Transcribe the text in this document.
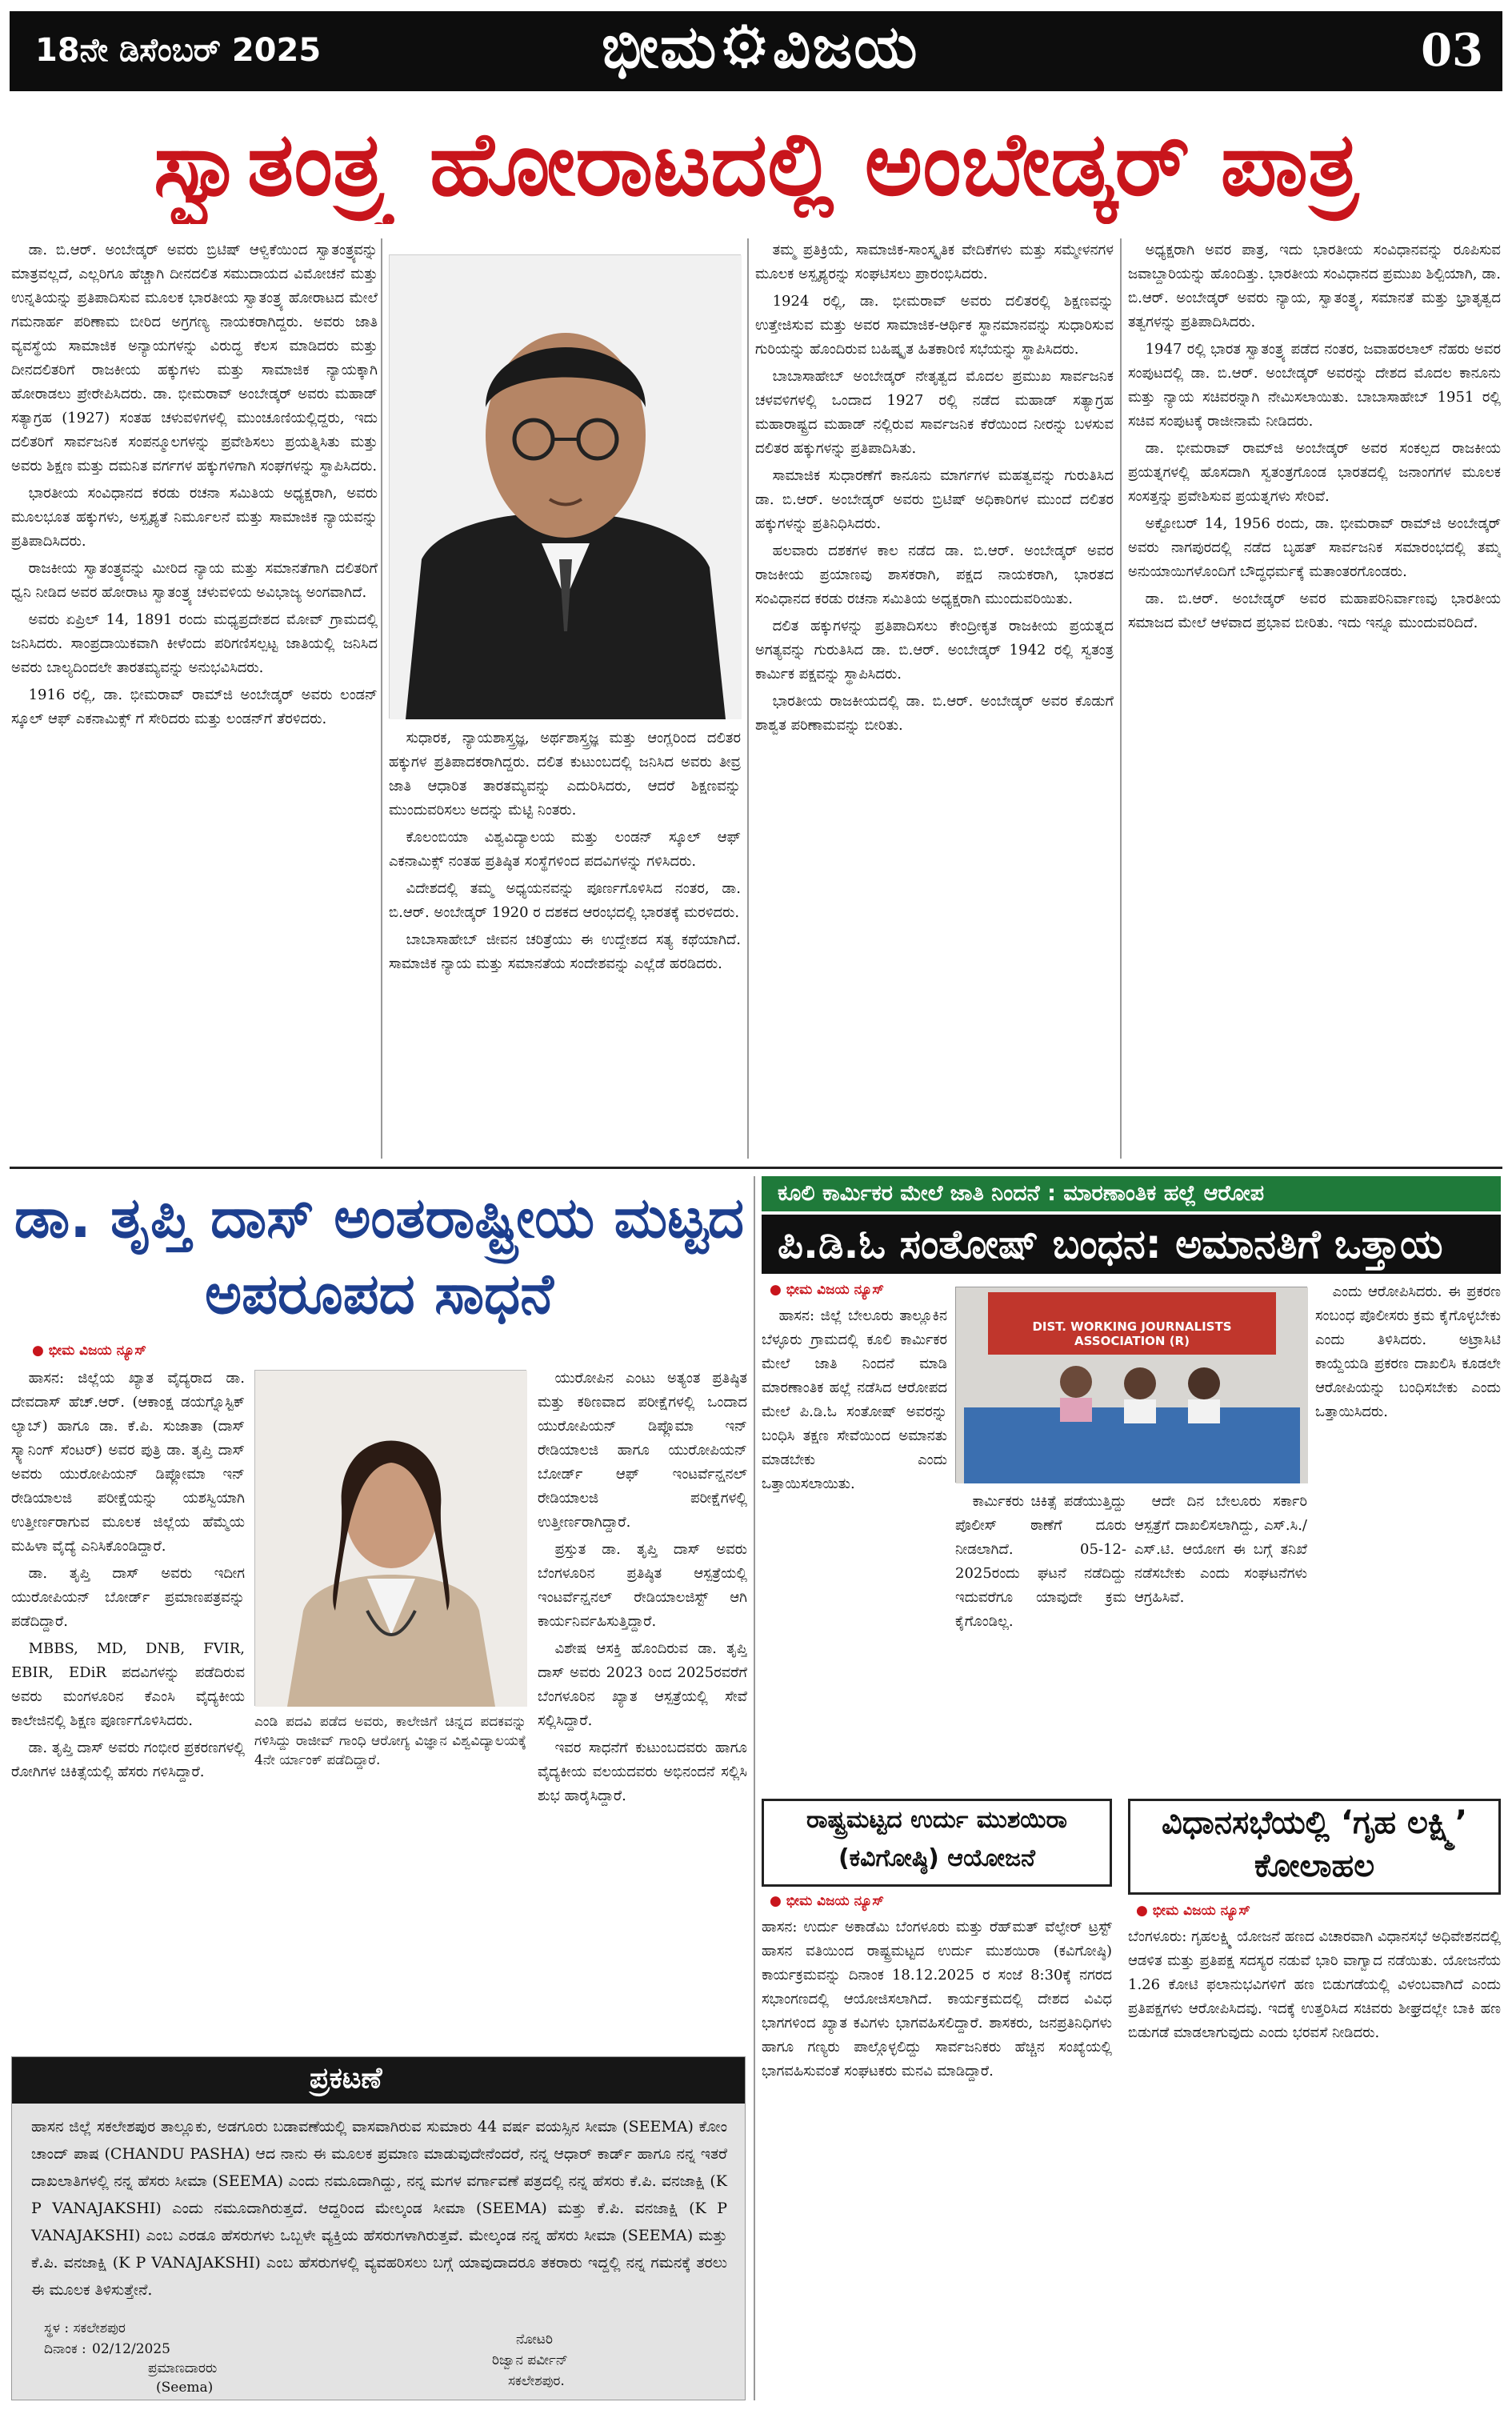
18ನೇ ಡಿಸೆಂಬರ್ 2025	ಭೀಮ⚙ವಿಜಯ	03
ಸ್ವಾತಂತ್ರ್ಯ ಹೋರಾಟದಲ್ಲಿ ಅಂಬೇಡ್ಕರ್ ಪಾತ್ರ

ಡಾ. ಬಿ.ಆರ್. ಅಂಬೇಡ್ಕರ್ ಅವರು ಬ್ರಿಟಿಷ್ ಆಳ್ವಿಕೆಯಿಂದ ಸ್ವಾತಂತ್ರ್ಯವನ್ನು ಮಾತ್ರವಲ್ಲದೆ, ಎಲ್ಲರಿಗೂ ಹೆಚ್ಚಾಗಿ ದೀನದಲಿತ ಸಮುದಾಯದ ವಿಮೋಚನೆ ಮತ್ತು ಉನ್ನತಿಯನ್ನು ಪ್ರತಿಪಾದಿಸುವ ಮೂಲಕ ಭಾರತೀಯ ಸ್ವಾತಂತ್ರ್ಯ ಹೋರಾಟದ ಮೇಲೆ ಗಮನಾರ್ಹ ಪರಿಣಾಮ ಬೀರಿದ ಅಗ್ರಗಣ್ಯ ನಾಯಕರಾಗಿದ್ದರು. ಅವರು ಜಾತಿ ವ್ಯವಸ್ಥೆಯ ಸಾಮಾಜಿಕ ಅನ್ಯಾಯಗಳನ್ನು ವಿರುದ್ಧ ಕೆಲಸ ಮಾಡಿದರು ಮತ್ತು ದೀನದಲಿತರಿಗೆ ರಾಜಕೀಯ ಹಕ್ಕುಗಳು ಮತ್ತು ಸಾಮಾಜಿಕ ನ್ಯಾಯಕ್ಕಾಗಿ ಹೋರಾಡಲು ಪ್ರೇರೇಪಿಸಿದರು. ಡಾ. ಭೀಮರಾವ್ ಅಂಬೇಡ್ಕರ್ ಅವರು ಮಹಾಡ್ ಸತ್ಯಾಗ್ರಹ (1927) ಸಂತಹ ಚಳುವಳಿಗಳಲ್ಲಿ ಮುಂಚೂಣಿಯಲ್ಲಿದ್ದರು, ಇದು ದಲಿತರಿಗೆ ಸಾರ್ವಜನಿಕ ಸಂಪನ್ಮೂಲಗಳನ್ನು ಪ್ರವೇಶಿಸಲು ಪ್ರಯತ್ನಿಸಿತು ಮತ್ತು ಅವರು ಶಿಕ್ಷಣ ಮತ್ತು ದಮನಿತ ವರ್ಗಗಳ ಹಕ್ಕುಗಳಿಗಾಗಿ ಸಂಘಗಳನ್ನು ಸ್ಥಾಪಿಸಿದರು.

ಭಾರತೀಯ ಸಂವಿಧಾನದ ಕರಡು ರಚನಾ ಸಮಿತಿಯ ಅಧ್ಯಕ್ಷರಾಗಿ, ಅವರು ಮೂಲಭೂತ ಹಕ್ಕುಗಳು, ಅಸ್ಪೃಶ್ಯತೆ ನಿರ್ಮೂಲನೆ ಮತ್ತು ಸಾಮಾಜಿಕ ನ್ಯಾಯವನ್ನು ಪ್ರತಿಪಾದಿಸಿದರು.

ರಾಜಕೀಯ ಸ್ವಾತಂತ್ರ್ಯವನ್ನು ಮೀರಿದ ನ್ಯಾಯ ಮತ್ತು ಸಮಾನತೆಗಾಗಿ ದಲಿತರಿಗೆ ಧ್ವನಿ ನೀಡಿದ ಅವರ ಹೋರಾಟ ಸ್ವಾತಂತ್ರ್ಯ ಚಳುವಳಿಯ ಅವಿಭಾಜ್ಯ ಅಂಗವಾಗಿದೆ.

ಅವರು ಏಪ್ರಿಲ್ 14, 1891 ರಂದು ಮಧ್ಯಪ್ರದೇಶದ ಮೋವ್ ಗ್ರಾಮದಲ್ಲಿ ಜನಿಸಿದರು. ಸಾಂಪ್ರದಾಯಿಕವಾಗಿ ಕೀಳೆಂದು ಪರಿಗಣಿಸಲ್ಪಟ್ಟ ಜಾತಿಯಲ್ಲಿ ಜನಿಸಿದ ಅವರು ಬಾಲ್ಯದಿಂದಲೇ ತಾರತಮ್ಯವನ್ನು ಅನುಭವಿಸಿದರು.

1916 ರಲ್ಲಿ, ಡಾ. ಭೀಮರಾವ್ ರಾಮ್‌ಜಿ ಅಂಬೇಡ್ಕರ್ ಅವರು ಲಂಡನ್ ಸ್ಕೂಲ್ ಆಫ್ ಎಕನಾಮಿಕ್ಸ್ ಗೆ ಸೇರಿದರು ಮತ್ತು ಲಂಡನ್‌ಗೆ ತೆರಳಿದರು.

ಸುಧಾರಕ, ನ್ಯಾಯಶಾಸ್ತ್ರಜ್ಞ, ಅರ್ಥಶಾಸ್ತ್ರಜ್ಞ ಮತ್ತು ಆಂಗ್ಲರಿಂದ ದಲಿತರ ಹಕ್ಕುಗಳ ಪ್ರತಿಪಾದಕರಾಗಿದ್ದರು. ದಲಿತ ಕುಟುಂಬದಲ್ಲಿ ಜನಿಸಿದ ಅವರು ತೀವ್ರ ಜಾತಿ ಆಧಾರಿತ ತಾರತಮ್ಯವನ್ನು ಎದುರಿಸಿದರು, ಆದರೆ ಶಿಕ್ಷಣವನ್ನು ಮುಂದುವರಿಸಲು ಅದನ್ನು ಮೆಟ್ಟಿ ನಿಂತರು.

ಕೊಲಂಬಿಯಾ ವಿಶ್ವವಿದ್ಯಾಲಯ ಮತ್ತು ಲಂಡನ್ ಸ್ಕೂಲ್ ಆಫ್ ಎಕನಾಮಿಕ್ಸ್ ನಂತಹ ಪ್ರತಿಷ್ಠಿತ ಸಂಸ್ಥೆಗಳಿಂದ ಪದವಿಗಳನ್ನು ಗಳಿಸಿದರು.

ವಿದೇಶದಲ್ಲಿ ತಮ್ಮ ಅಧ್ಯಯನವನ್ನು ಪೂರ್ಣಗೊಳಿಸಿದ ನಂತರ, ಡಾ. ಬಿ.ಆರ್. ಅಂಬೇಡ್ಕರ್ 1920 ರ ದಶಕದ ಆರಂಭದಲ್ಲಿ ಭಾರತಕ್ಕೆ ಮರಳಿದರು.

ಬಾಬಾಸಾಹೇಬ್ ಜೀವನ ಚರಿತ್ರೆಯು ಈ ಉದ್ದೇಶದ ಸತ್ಯ ಕಥೆಯಾಗಿದೆ. ಸಾಮಾಜಿಕ ನ್ಯಾಯ ಮತ್ತು ಸಮಾನತೆಯ ಸಂದೇಶವನ್ನು ಎಲ್ಲೆಡೆ ಹರಡಿದರು.

ತಮ್ಮ ಪ್ರತಿಕ್ರಿಯೆ, ಸಾಮಾಜಿಕ-ಸಾಂಸ್ಕೃತಿಕ ವೇದಿಕೆಗಳು ಮತ್ತು ಸಮ್ಮೇಳನಗಳ ಮೂಲಕ ಅಸ್ಪೃಶ್ಯರನ್ನು ಸಂಘಟಿಸಲು ಪ್ರಾರಂಭಿಸಿದರು.

1924 ರಲ್ಲಿ, ಡಾ. ಭೀಮರಾವ್ ಅವರು ದಲಿತರಲ್ಲಿ ಶಿಕ್ಷಣವನ್ನು ಉತ್ತೇಜಿಸುವ ಮತ್ತು ಅವರ ಸಾಮಾಜಿಕ-ಆರ್ಥಿಕ ಸ್ಥಾನಮಾನವನ್ನು ಸುಧಾರಿಸುವ ಗುರಿಯನ್ನು ಹೊಂದಿರುವ ಬಹಿಷ್ಕೃತ ಹಿತಕಾರಿಣಿ ಸಭೆಯನ್ನು ಸ್ಥಾಪಿಸಿದರು.

ಬಾಬಾಸಾಹೇಬ್ ಅಂಬೇಡ್ಕರ್ ನೇತೃತ್ವದ ಮೊದಲ ಪ್ರಮುಖ ಸಾರ್ವಜನಿಕ ಚಳವಳಿಗಳಲ್ಲಿ ಒಂದಾದ 1927 ರಲ್ಲಿ ನಡೆದ ಮಹಾಡ್ ಸತ್ಯಾಗ್ರಹ ಮಹಾರಾಷ್ಟ್ರದ ಮಹಾಡ್ ನಲ್ಲಿರುವ ಸಾರ್ವಜನಿಕ ಕೆರೆಯಿಂದ ನೀರನ್ನು ಬಳಸುವ ದಲಿತರ ಹಕ್ಕುಗಳನ್ನು ಪ್ರತಿಪಾದಿಸಿತು.

ಸಾಮಾಜಿಕ ಸುಧಾರಣೆಗೆ ಕಾನೂನು ಮಾರ್ಗಗಳ ಮಹತ್ವವನ್ನು ಗುರುತಿಸಿದ ಡಾ. ಬಿ.ಆರ್. ಅಂಬೇಡ್ಕರ್ ಅವರು ಬ್ರಿಟಿಷ್ ಅಧಿಕಾರಿಗಳ ಮುಂದೆ ದಲಿತರ ಹಕ್ಕುಗಳನ್ನು ಪ್ರತಿನಿಧಿಸಿದರು.

ಹಲವಾರು ದಶಕಗಳ ಕಾಲ ನಡೆದ ಡಾ. ಬಿ.ಆರ್. ಅಂಬೇಡ್ಕರ್ ಅವರ ರಾಜಕೀಯ ಪ್ರಯಾಣವು ಶಾಸಕರಾಗಿ, ಪಕ್ಷದ ನಾಯಕರಾಗಿ, ಭಾರತದ ಸಂವಿಧಾನದ ಕರಡು ರಚನಾ ಸಮಿತಿಯ ಅಧ್ಯಕ್ಷರಾಗಿ ಮುಂದುವರಿಯಿತು.

ದಲಿತ ಹಕ್ಕುಗಳನ್ನು ಪ್ರತಿಪಾದಿಸಲು ಕೇಂದ್ರೀಕೃತ ರಾಜಕೀಯ ಪ್ರಯತ್ನದ ಅಗತ್ಯವನ್ನು ಗುರುತಿಸಿದ ಡಾ. ಬಿ.ಆರ್. ಅಂಬೇಡ್ಕರ್ 1942 ರಲ್ಲಿ ಸ್ವತಂತ್ರ ಕಾರ್ಮಿಕ ಪಕ್ಷವನ್ನು ಸ್ಥಾಪಿಸಿದರು.

ಭಾರತೀಯ ರಾಜಕೀಯದಲ್ಲಿ ಡಾ. ಬಿ.ಆರ್. ಅಂಬೇಡ್ಕರ್ ಅವರ ಕೊಡುಗೆ ಶಾಶ್ವತ ಪರಿಣಾಮವನ್ನು ಬೀರಿತು.

ಅಧ್ಯಕ್ಷರಾಗಿ ಅವರ ಪಾತ್ರ, ಇದು ಭಾರತೀಯ ಸಂವಿಧಾನವನ್ನು ರೂಪಿಸುವ ಜವಾಬ್ದಾರಿಯನ್ನು ಹೊಂದಿತ್ತು. ಭಾರತೀಯ ಸಂವಿಧಾನದ ಪ್ರಮುಖ ಶಿಲ್ಪಿಯಾಗಿ, ಡಾ. ಬಿ.ಆರ್. ಅಂಬೇಡ್ಕರ್ ಅವರು ನ್ಯಾಯ, ಸ್ವಾತಂತ್ರ್ಯ, ಸಮಾನತೆ ಮತ್ತು ಭ್ರಾತೃತ್ವದ ತತ್ವಗಳನ್ನು ಪ್ರತಿಪಾದಿಸಿದರು.

1947 ರಲ್ಲಿ ಭಾರತ ಸ್ವಾತಂತ್ರ್ಯ ಪಡೆದ ನಂತರ, ಜವಾಹರಲಾಲ್ ನೆಹರು ಅವರ ಸಂಪುಟದಲ್ಲಿ ಡಾ. ಬಿ.ಆರ್. ಅಂಬೇಡ್ಕರ್ ಅವರನ್ನು ದೇಶದ ಮೊದಲ ಕಾನೂನು ಮತ್ತು ನ್ಯಾಯ ಸಚಿವರನ್ನಾಗಿ ನೇಮಿಸಲಾಯಿತು. ಬಾಬಾಸಾಹೇಬ್ 1951 ರಲ್ಲಿ ಸಚಿವ ಸಂಪುಟಕ್ಕೆ ರಾಜೀನಾಮೆ ನೀಡಿದರು.

ಡಾ. ಭೀಮರಾವ್ ರಾಮ್‌ಜಿ ಅಂಬೇಡ್ಕರ್ ಅವರ ಸಂಕಲ್ಪದ ರಾಜಕೀಯ ಪ್ರಯತ್ನಗಳಲ್ಲಿ ಹೊಸದಾಗಿ ಸ್ವತಂತ್ರಗೊಂಡ ಭಾರತದಲ್ಲಿ ಜನಾಂಗಗಳ ಮೂಲಕ ಸಂಸತ್ತನ್ನು ಪ್ರವೇಶಿಸುವ ಪ್ರಯತ್ನಗಳು ಸೇರಿವೆ.

ಅಕ್ಟೋಬರ್ 14, 1956 ರಂದು, ಡಾ. ಭೀಮರಾವ್ ರಾಮ್‌ಜಿ ಅಂಬೇಡ್ಕರ್ ಅವರು ನಾಗಪುರದಲ್ಲಿ ನಡೆದ ಬೃಹತ್ ಸಾರ್ವಜನಿಕ ಸಮಾರಂಭದಲ್ಲಿ ತಮ್ಮ ಅನುಯಾಯಿಗಳೊಂದಿಗೆ ಬೌದ್ಧಧರ್ಮಕ್ಕೆ ಮತಾಂತರಗೊಂಡರು.

ಡಾ. ಬಿ.ಆರ್. ಅಂಬೇಡ್ಕರ್ ಅವರ ಮಹಾಪರಿನಿರ್ವಾಣವು ಭಾರತೀಯ ಸಮಾಜದ ಮೇಲೆ ಆಳವಾದ ಪ್ರಭಾವ ಬೀರಿತು. ಇದು ಇನ್ನೂ ಮುಂದುವರಿದಿದೆ.

ಡಾ. ತೃಪ್ತಿ ದಾಸ್ ಅಂತರಾಷ್ಟ್ರೀಯ ಮಟ್ಟದ ಅಪರೂಪದ ಸಾಧನೆ
● ಭೀಮ ವಿಜಯ ನ್ಯೂಸ್

ಹಾಸನ: ಜಿಲ್ಲೆಯ ಖ್ಯಾತ ವೈದ್ಯರಾದ ಡಾ. ದೇವದಾಸ್ ಹೆಚ್.ಆರ್. (ಆಕಾಂಕ್ಷ ಡಯಗ್ನೊಸ್ಟಿಕ್ ಲ್ಯಾಬ್) ಹಾಗೂ ಡಾ. ಕೆ.ಪಿ. ಸುಜಾತಾ (ದಾಸ್ ಸ್ಕ್ಯಾನಿಂಗ್ ಸೆಂಟರ್) ಅವರ ಪುತ್ರಿ ಡಾ. ತೃಪ್ತಿ ದಾಸ್ ಅವರು ಯುರೋಪಿಯನ್ ಡಿಪ್ಲೋಮಾ ಇನ್ ರೇಡಿಯಾಲಜಿ ಪರೀಕ್ಷೆಯನ್ನು ಯಶಸ್ವಿಯಾಗಿ ಉತ್ತೀರ್ಣರಾಗುವ ಮೂಲಕ ಜಿಲ್ಲೆಯ ಹೆಮ್ಮೆಯ ಮಹಿಳಾ ವೈದ್ಯೆ ಎನಿಸಿಕೊಂಡಿದ್ದಾರೆ.

ಡಾ. ತೃಪ್ತಿ ದಾಸ್ ಅವರು ಇದೀಗ ಯುರೋಪಿಯನ್ ಬೋರ್ಡ್ ಪ್ರಮಾಣಪತ್ರವನ್ನು ಪಡೆದಿದ್ದಾರೆ.

MBBS, MD, DNB, FVIR, EBIR, EDiR ಪದವಿಗಳನ್ನು ಪಡೆದಿರುವ ಅವರು ಮಂಗಳೂರಿನ ಕೆಎಂಸಿ ವೈದ್ಯಕೀಯ ಕಾಲೇಜಿನಲ್ಲಿ ಶಿಕ್ಷಣ ಪೂರ್ಣಗೊಳಿಸಿದರು.

ಡಾ. ತೃಪ್ತಿ ದಾಸ್ ಅವರು ಗಂಭೀರ ಪ್ರಕರಣಗಳಲ್ಲಿ ರೋಗಿಗಳ ಚಿಕಿತ್ಸೆಯಲ್ಲಿ ಹೆಸರು ಗಳಿಸಿದ್ದಾರೆ.

ಎಂಡಿ ಪದವಿ ಪಡೆದ ಅವರು, ಕಾಲೇಜಿಗೆ ಚಿನ್ನದ ಪದಕವನ್ನು ಗಳಿಸಿದ್ದು ರಾಜೀವ್ ಗಾಂಧಿ ಆರೋಗ್ಯ ವಿಜ್ಞಾನ ವಿಶ್ವವಿದ್ಯಾಲಯಕ್ಕೆ 4ನೇ ರ್ಯಾಂಕ್ ಪಡೆದಿದ್ದಾರೆ.

ಯುರೋಪಿನ ಎಂಟು ಅತ್ಯಂತ ಪ್ರತಿಷ್ಠಿತ ಮತ್ತು ಕಠಿಣವಾದ ಪರೀಕ್ಷೆಗಳಲ್ಲಿ ಒಂದಾದ ಯುರೋಪಿಯನ್ ಡಿಪ್ಲೊಮಾ ಇನ್ ರೇಡಿಯಾಲಜಿ ಹಾಗೂ ಯುರೋಪಿಯನ್ ಬೋರ್ಡ್ ಆಫ್ ಇಂಟರ್ವೆನ್ಷನಲ್ ರೇಡಿಯಾಲಜಿ ಪರೀಕ್ಷೆಗಳಲ್ಲಿ ಉತ್ತೀರ್ಣರಾಗಿದ್ದಾರೆ.

ಪ್ರಸ್ತುತ ಡಾ. ತೃಪ್ತಿ ದಾಸ್ ಅವರು ಬೆಂಗಳೂರಿನ ಪ್ರತಿಷ್ಠಿತ ಆಸ್ಪತ್ರೆಯಲ್ಲಿ ಇಂಟರ್ವೆನ್ಷನಲ್ ರೇಡಿಯಾಲಜಿಸ್ಟ್ ಆಗಿ ಕಾರ್ಯನಿರ್ವಹಿಸುತ್ತಿದ್ದಾರೆ.

ವಿಶೇಷ ಆಸಕ್ತಿ ಹೊಂದಿರುವ ಡಾ. ತೃಪ್ತಿ ದಾಸ್ ಅವರು 2023 ರಿಂದ 2025ರವರೆಗೆ ಬೆಂಗಳೂರಿನ ಖ್ಯಾತ ಆಸ್ಪತ್ರೆಯಲ್ಲಿ ಸೇವೆ ಸಲ್ಲಿಸಿದ್ದಾರೆ.

ಇವರ ಸಾಧನೆಗೆ ಕುಟುಂಬದವರು ಹಾಗೂ ವೈದ್ಯಕೀಯ ವಲಯದವರು ಅಭಿನಂದನೆ ಸಲ್ಲಿಸಿ ಶುಭ ಹಾರೈಸಿದ್ದಾರೆ.

ಕೂಲಿ ಕಾರ್ಮಿಕರ ಮೇಲೆ ಜಾತಿ ನಿಂದನೆ : ಮಾರಣಾಂತಿಕ ಹಲ್ಲೆ ಆರೋಪ
ಪಿ.ಡಿ.ಓ ಸಂತೋಷ್ ಬಂಧನ: ಅಮಾನತಿಗೆ ಒತ್ತಾಯ
● ಭೀಮ ವಿಜಯ ನ್ಯೂಸ್

ಹಾಸನ: ಜಿಲ್ಲೆ ಬೇಲೂರು ತಾಲ್ಲೂಕಿನ ಬೆಳ್ಳೂರು ಗ್ರಾಮದಲ್ಲಿ ಕೂಲಿ ಕಾರ್ಮಿಕರ ಮೇಲೆ ಜಾತಿ ನಿಂದನೆ ಮಾಡಿ ಮಾರಣಾಂತಿಕ ಹಲ್ಲೆ ನಡೆಸಿದ ಆರೋಪದ ಮೇಲೆ ಪಿ.ಡಿ.ಓ ಸಂತೋಷ್ ಅವರನ್ನು ಬಂಧಿಸಿ ತಕ್ಷಣ ಸೇವೆಯಿಂದ ಅಮಾನತು ಮಾಡಬೇಕು ಎಂದು ಒತ್ತಾಯಿಸಲಾಯಿತು.

DIST. WORKING JOURNALISTS ASSOCIATION (R)

ಎಂದು ಆರೋಪಿಸಿದರು. ಈ ಪ್ರಕರಣ ಸಂಬಂಧ ಪೊಲೀಸರು ಕ್ರಮ ಕೈಗೊಳ್ಳಬೇಕು ಎಂದು ತಿಳಿಸಿದರು. ಅಟ್ರಾಸಿಟಿ ಕಾಯ್ದೆಯಡಿ ಪ್ರಕರಣ ದಾಖಲಿಸಿ ಕೂಡಲೇ ಆರೋಪಿಯನ್ನು ಬಂಧಿಸಬೇಕು ಎಂದು ಒತ್ತಾಯಿಸಿದರು.

ಕಾರ್ಮಿಕರು ಚಿಕಿತ್ಸೆ ಪಡೆಯುತ್ತಿದ್ದು ಪೊಲೀಸ್ ಠಾಣೆಗೆ ದೂರು ನೀಡಲಾಗಿದೆ. 05-12-2025ರಂದು ಘಟನೆ ನಡೆದಿದ್ದು ಇದುವರೆಗೂ ಯಾವುದೇ ಕ್ರಮ ಕೈಗೊಂಡಿಲ್ಲ.

ಆದೇ ದಿನ ಬೇಲೂರು ಸರ್ಕಾರಿ ಆಸ್ಪತ್ರೆಗೆ ದಾಖಲಿಸಲಾಗಿದ್ದು, ಎಸ್.ಸಿ./ಎಸ್.ಟಿ. ಆಯೋಗ ಈ ಬಗ್ಗೆ ತನಿಖೆ ನಡೆಸಬೇಕು ಎಂದು ಸಂಘಟನೆಗಳು ಆಗ್ರಹಿಸಿವೆ.

ರಾಷ್ಟ್ರಮಟ್ಟದ ಉರ್ದು ಮುಶಯಿರಾ (ಕವಿಗೋಷ್ಠಿ) ಆಯೋಜನೆ
● ಭೀಮ ವಿಜಯ ನ್ಯೂಸ್
ಹಾಸನ: ಉರ್ದು ಅಕಾಡೆಮಿ ಬೆಂಗಳೂರು ಮತ್ತು ರೆಹ್‌ಮತ್ ವೆಲ್ಫೇರ್ ಟ್ರಸ್ಟ್ ಹಾಸನ ವತಿಯಿಂದ ರಾಷ್ಟ್ರಮಟ್ಟದ ಉರ್ದು ಮುಶಯಿರಾ (ಕವಿಗೋಷ್ಠಿ) ಕಾರ್ಯಕ್ರಮವನ್ನು ದಿನಾಂಕ 18.12.2025 ರ ಸಂಜೆ 8:30ಕ್ಕೆ ನಗರದ ಸಭಾಂಗಣದಲ್ಲಿ ಆಯೋಜಿಸಲಾಗಿದೆ. ಕಾರ್ಯಕ್ರಮದಲ್ಲಿ ದೇಶದ ವಿವಿಧ ಭಾಗಗಳಿಂದ ಖ್ಯಾತ ಕವಿಗಳು ಭಾಗವಹಿಸಲಿದ್ದಾರೆ. ಶಾಸಕರು, ಜನಪ್ರತಿನಿಧಿಗಳು ಹಾಗೂ ಗಣ್ಯರು ಪಾಲ್ಗೊಳ್ಳಲಿದ್ದು ಸಾರ್ವಜನಿಕರು ಹೆಚ್ಚಿನ ಸಂಖ್ಯೆಯಲ್ಲಿ ಭಾಗವಹಿಸುವಂತೆ ಸಂಘಟಕರು ಮನವಿ ಮಾಡಿದ್ದಾರೆ.
ವಿಧಾನಸಭೆಯಲ್ಲಿ ‘ಗೃಹ ಲಕ್ಷ್ಮಿ’ ಕೋಲಾಹಲ
● ಭೀಮ ವಿಜಯ ನ್ಯೂಸ್
ಬೆಂಗಳೂರು: ಗೃಹಲಕ್ಷ್ಮಿ ಯೋಜನೆ ಹಣದ ವಿಚಾರವಾಗಿ ವಿಧಾನಸಭೆ ಅಧಿವೇಶನದಲ್ಲಿ ಆಡಳಿತ ಮತ್ತು ಪ್ರತಿಪಕ್ಷ ಸದಸ್ಯರ ನಡುವೆ ಭಾರಿ ವಾಗ್ವಾದ ನಡೆಯಿತು. ಯೋಜನೆಯ 1.26 ಕೋಟಿ ಫಲಾನುಭವಿಗಳಿಗೆ ಹಣ ಬಿಡುಗಡೆಯಲ್ಲಿ ವಿಳಂಬವಾಗಿದೆ ಎಂದು ಪ್ರತಿಪಕ್ಷಗಳು ಆರೋಪಿಸಿದವು. ಇದಕ್ಕೆ ಉತ್ತರಿಸಿದ ಸಚಿವರು ಶೀಘ್ರದಲ್ಲೇ ಬಾಕಿ ಹಣ ಬಿಡುಗಡೆ ಮಾಡಲಾಗುವುದು ಎಂದು ಭರವಸೆ ನೀಡಿದರು.
ಪ್ರಕಟಣೆ
ಹಾಸನ ಜಿಲ್ಲೆ ಸಕಲೇಶಪುರ ತಾಲ್ಲೂಕು, ಅಡಗೂರು ಬಡಾವಣೆಯಲ್ಲಿ ವಾಸವಾಗಿರುವ ಸುಮಾರು 44 ವರ್ಷ ವಯಸ್ಸಿನ ಸೀಮಾ (SEEMA) ಕೋಂ ಚಾಂದ್ ಪಾಷ (CHANDU PASHA) ಆದ ನಾನು ಈ ಮೂಲಕ ಪ್ರಮಾಣ ಮಾಡುವುದೇನೆಂದರೆ, ನನ್ನ ಆಧಾರ್ ಕಾರ್ಡ್ ಹಾಗೂ ನನ್ನ ಇತರೆ ದಾಖಲಾತಿಗಳಲ್ಲಿ ನನ್ನ ಹೆಸರು ಸೀಮಾ (SEEMA) ಎಂದು ನಮೂದಾಗಿದ್ದು, ನನ್ನ ಮಗಳ ವರ್ಗಾವಣೆ ಪತ್ರದಲ್ಲಿ ನನ್ನ ಹೆಸರು ಕೆ.ಪಿ. ವನಜಾಕ್ಷಿ (K P VANAJAKSHI) ಎಂದು ನಮೂದಾಗಿರುತ್ತದೆ. ಆದ್ದರಿಂದ ಮೇಲ್ಕಂಡ ಸೀಮಾ (SEEMA) ಮತ್ತು ಕೆ.ಪಿ. ವನಜಾಕ್ಷಿ (K P VANAJAKSHI) ಎಂಬ ಎರಡೂ ಹೆಸರುಗಳು ಒಬ್ಬಳೇ ವ್ಯಕ್ತಿಯ ಹೆಸರುಗಳಾಗಿರುತ್ತವೆ. ಮೇಲ್ಕಂಡ ನನ್ನ ಹೆಸರು ಸೀಮಾ (SEEMA) ಮತ್ತು ಕೆ.ಪಿ. ವನಜಾಕ್ಷಿ (K P VANAJAKSHI) ಎಂಬ ಹೆಸರುಗಳಲ್ಲಿ ವ್ಯವಹರಿಸಲು ಬಗ್ಗೆ ಯಾವುದಾದರೂ ತಕರಾರು ಇದ್ದಲ್ಲಿ ನನ್ನ ಗಮನಕ್ಕೆ ತರಲು ಈ ಮೂಲಕ ತಿಳಿಸುತ್ತೇನೆ.
ಸ್ಥಳ : ಸಕಲೇಶಪುರ
ದಿನಾಂಕ : 02/12/2025
ಪ್ರಮಾಣದಾರರು
(Seema)
ನೋಟರಿ
ರಿಜ್ವಾನ ಪರ್ವೀನ್
ಸಕಲೇಶಪುರ.
